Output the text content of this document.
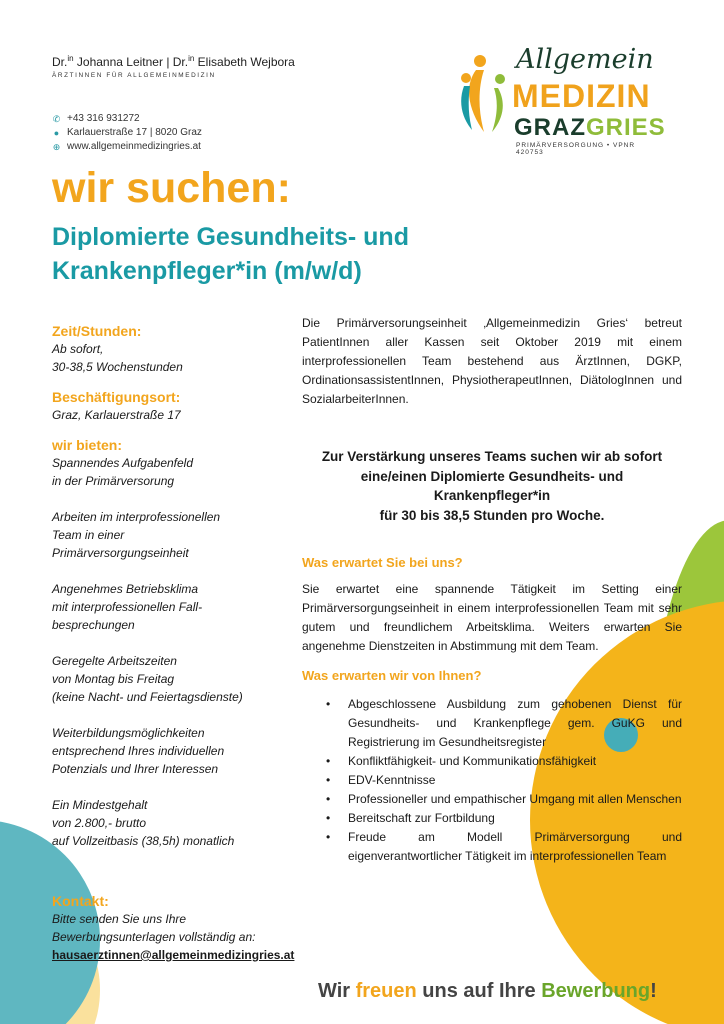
Dr.$^{in}$ Johanna Leitner | Dr.$^{in}$ Elisabeth Wejbora
ÄRZTINNEN FÜR ALLGEMEINMEDIZIN
✆ +43 316 931272
● Karlauerstraße 17 | 8020 Graz
⊕ www.allgemeinmedizingries.at
Allgemein
MEDIZIN
GRAZGRIES
PRIMÄRVERSORGUNG • VPNR 420753
wir suchen:
Diplomierte Gesundheits- und
Krankenpfleger*in (m/w/d)
Zeit/Stunden:
Ab sofort,
30-38,5 Wochenstunden
Beschäftigungsort:
Graz, Karlauerstraße 17
wir bieten:
Spannendes Aufgabenfeld
in der Primärversorung
Arbeiten im interprofessionellen
Team in einer
Primärversorgungseinheit
Angenehmes Betriebsklima
mit interprofessionellen Fall-
besprechungen
Geregelte Arbeitszeiten
von Montag bis Freitag
(keine Nacht- und Feiertagsdienste)
Weiterbildungsmöglichkeiten
entsprechend Ihres individuellen
Potenzials und Ihrer Interessen
Ein Mindestgehalt
von 2.800,- brutto
auf Vollzeitbasis (38,5h) monatlich
Kontakt:
Bitte senden Sie uns Ihre
Bewerbungsunterlagen vollständig an:
hausaerztinnen@allgemeinmedizingries.at

Die Primärversorungseinheit ‚Allgemeinmedizin Gries‘ betreut PatientInnen aller Kassen seit Oktober 2019 mit einem interprofessionellen Team bestehend aus ÄrztInnen, DGKP, OrdinationsassistentInnen, PhysiotherapeutInnen, DiätologInnen und SozialarbeiterInnen.

Zur Verstärkung unseres Teams suchen wir ab sofort
eine/einen Diplomierte Gesundheits- und
Krankenpfleger*in
für 30 bis 38,5 Stunden pro Woche.
Was erwartet Sie bei uns?

Sie erwartet eine spannende Tätigkeit im Setting einer Primärversorgungseinheit in einem interprofessionellen Team mit sehr gutem und freundlichem Arbeitsklima. Weiters erwarten Sie angenehme Dienstzeiten in Abstimmung mit dem Team.

Was erwarten wir von Ihnen?
• Abgeschlossene Ausbildung zum gehobenen Dienst für Gesundheits- und Krankenpflege gem. GuKG und Registrierung im Gesundheitsregister
• Konfliktfähigkeit- und Kommunikationsfähigkeit
• EDV-Kenntnisse
• Professioneller und empathischer Umgang mit allen Menschen
• Bereitschaft zur Fortbildung
• Freude am Modell Primärversorgung und eigenverantwortlicher Tätigkeit im interprofessionellen Team
Wir freuen uns auf Ihre Bewerbung!
